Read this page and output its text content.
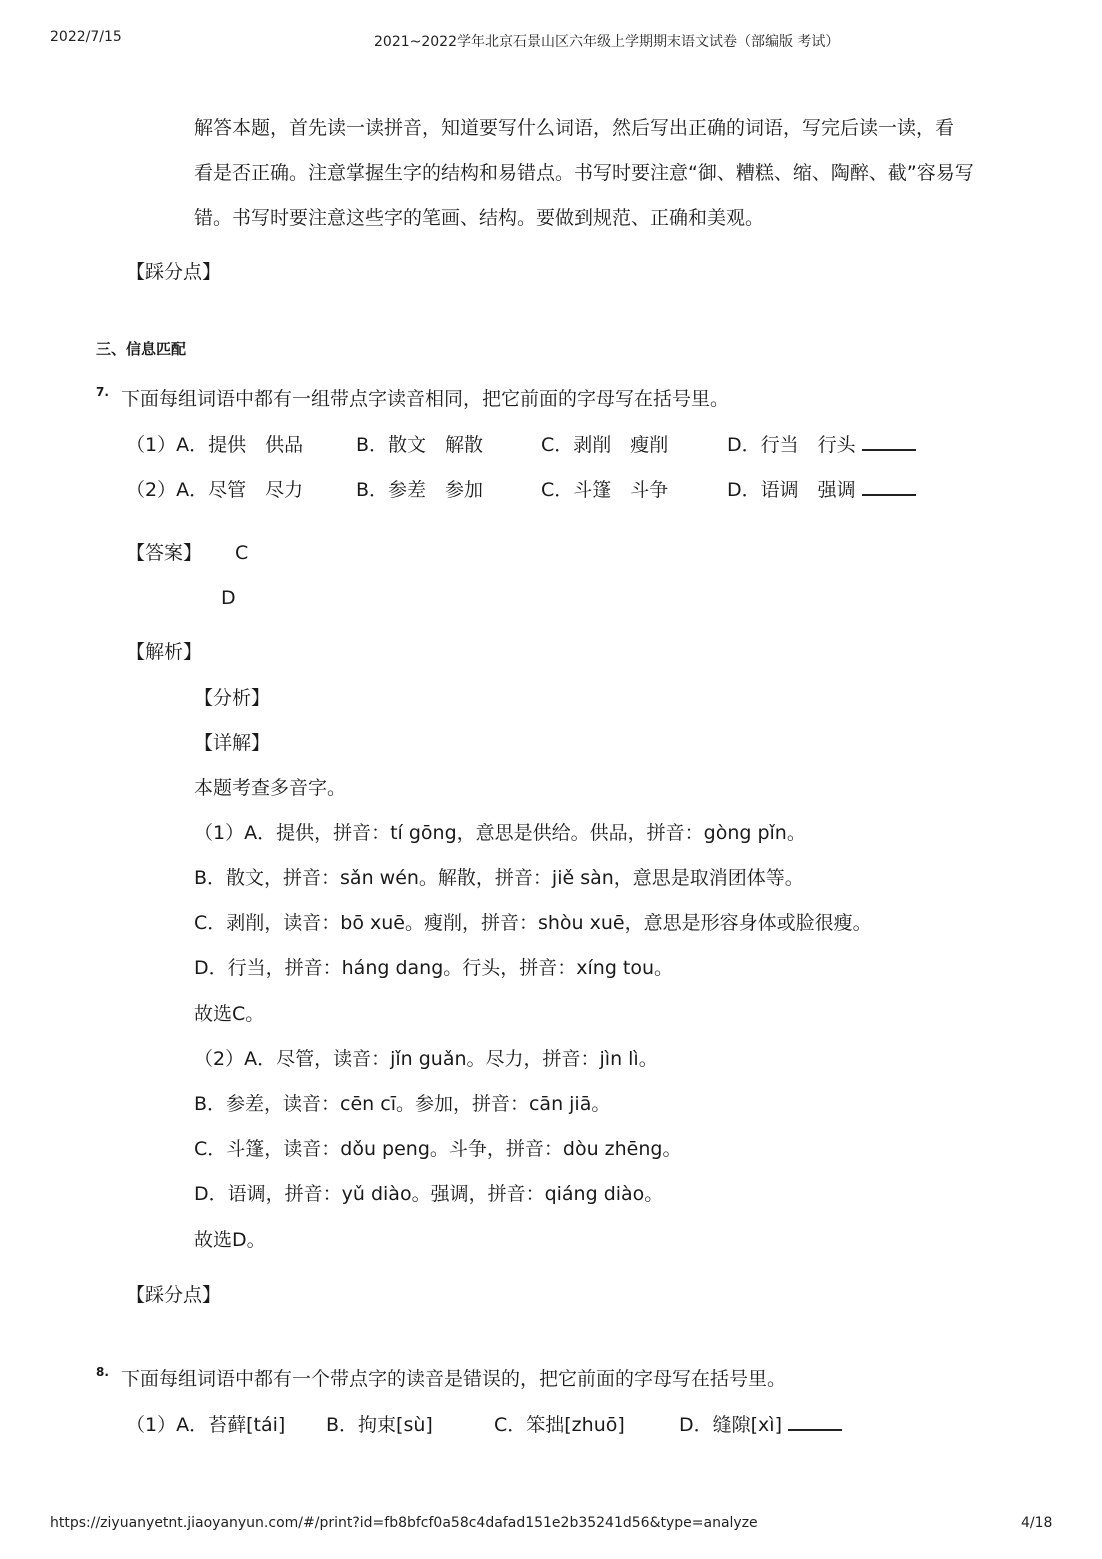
2022/7/15	2021~2022学年北京石景山区六年级上学期期末语文试卷（部编版 考试）
解答本题，首先读一读拼音，知道要写什么词语，然后写出正确的词语，写完后读一读，看
看是否正确。注意掌握生字的结构和易错点。书写时要注意“御、糟糕、缩、陶醉、截”容易写
错。书写时要注意这些字的笔画、结构。要做到规范、正确和美观。
【踩分点】
三、信息匹配
7. 下面每组词语中都有一组带点字读音相同，把它前面的字母写在括号里。
（1）A．提供　供品	B．散文　解散	C．剥削　瘦削	D．行当　行头
（2）A．尽管　尽力	B．参差　参加	C．斗篷　斗争	D．语调　强调
【答案】 C
D
【解析】
【分析】
【详解】
本题考查多音字。
（1）A．提供，拼音：tí gōng，意思是供给。供品，拼音：gòng pǐn。
B．散文，拼音：sǎn wén。解散，拼音：jiě sàn，意思是取消团体等。
C．剥削，读音：bō xuē。瘦削，拼音：shòu xuē，意思是形容身体或脸很瘦。
D．行当，拼音：háng dang。行头，拼音：xíng tou。
故选C。
（2）A．尽管，读音：jǐn guǎn。尽力，拼音：jìn lì。
B．参差，读音：cēn cī。参加，拼音：cān jiā。
C．斗篷，读音：dǒu peng。斗争，拼音：dòu zhēng。
D．语调，拼音：yǔ diào。强调，拼音：qiáng diào。
故选D。
【踩分点】
8. 下面每组词语中都有一个带点字的读音是错误的，把它前面的字母写在括号里。
（1）A．苔藓[tái] B．拘束[sù]	C．笨拙[zhuō]	D．缝隙[xì]
https://ziyuanyetnt.jiaoyanyun.com/#/print?id=fb8bfcf0a58c4dafad151e2b35241d56&type=analyze	4/18
